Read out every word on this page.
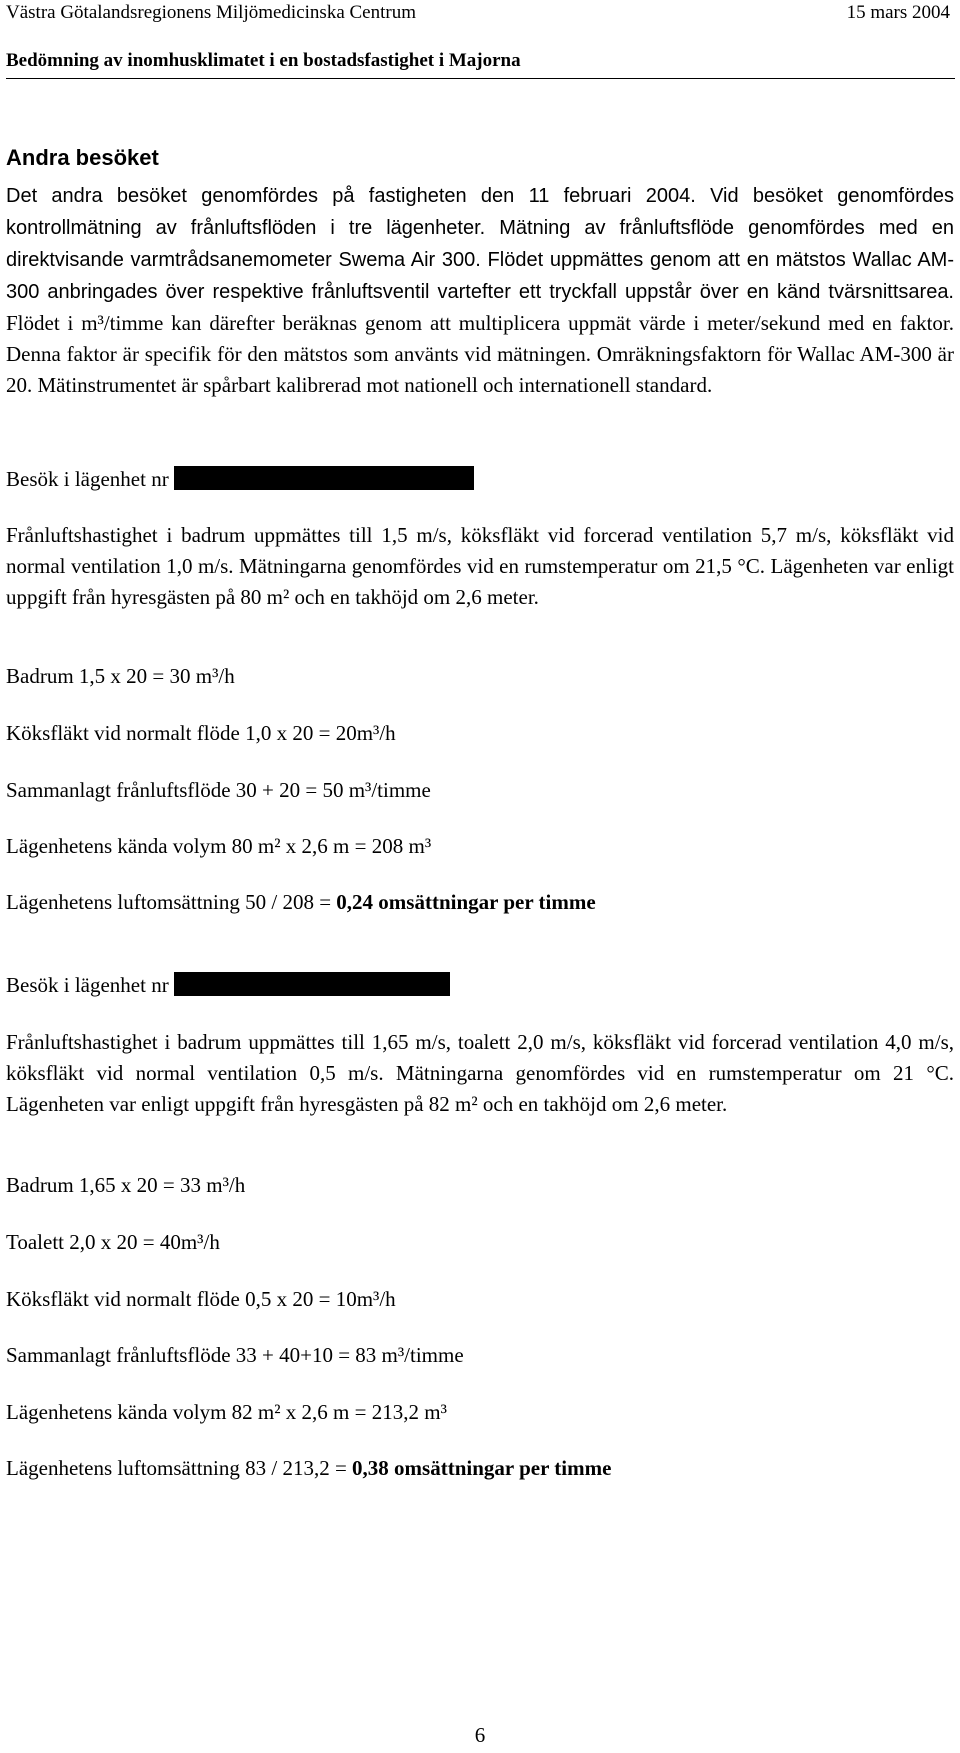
Västra Götalandsregionens Miljömedicinska Centrum	15 mars 2004
Bedömning av inomhusklimatet i en bostadsfastighet i Majorna
Andra besöket

Det andra besöket genomfördes på fastigheten den 11 februari 2004. Vid besöket genomfördes kontrollmätning av frånluftsflöden i tre lägenheter. Mätning av frånluftsflöde genomfördes med en direktvisande varmtrådsanemometer Swema Air 300. Flödet uppmättes genom att en mätstos Wallac AM-300 anbringades över respektive frånluftsventil vartefter ett tryckfall uppstår över en känd tvärsnittsarea. Flödet i m³/timme kan därefter beräknas genom att multiplicera uppmät värde i meter/sekund med en faktor. Denna faktor är specifik för den mätstos som använts vid mätningen. Omräkningsfaktorn för Wallac AM-300 är 20. Mätinstrumentet är spårbart kalibrerad mot nationell och internationell standard.

Besök i lägenhet nr

Frånluftshastighet i badrum uppmättes till 1,5 m/s, köksfläkt vid forcerad ventilation 5,7 m/s, köksfläkt vid normal ventilation 1,0 m/s. Mätningarna genomfördes vid en rumstemperatur om 21,5 °C. Lägenheten var enligt uppgift från hyresgästen på 80 m² och en takhöjd om 2,6 meter.

Badrum 1,5 x 20 = 30 m³/h
Köksfläkt vid normalt flöde 1,0 x 20 = 20m³/h
Sammanlagt frånluftsflöde 30 + 20 = 50 m³/timme
Lägenhetens kända volym 80 m² x 2,6 m = 208 m³
Lägenhetens luftomsättning 50 / 208 = 0,24 omsättningar per timme
Besök i lägenhet nr

Frånluftshastighet i badrum uppmättes till 1,65 m/s, toalett 2,0 m/s, köksfläkt vid forcerad ventilation 4,0 m/s, köksfläkt vid normal ventilation 0,5 m/s. Mätningarna genomfördes vid en rumstemperatur om 21 °C. Lägenheten var enligt uppgift från hyresgästen på 82 m² och en takhöjd om 2,6 meter.

Badrum 1,65 x 20 = 33 m³/h
Toalett 2,0 x 20 = 40m³/h
Köksfläkt vid normalt flöde 0,5 x 20 = 10m³/h
Sammanlagt frånluftsflöde 33 + 40+10 = 83 m³/timme
Lägenhetens kända volym 82 m² x 2,6 m = 213,2 m³
Lägenhetens luftomsättning 83 / 213,2 = 0,38 omsättningar per timme
6
